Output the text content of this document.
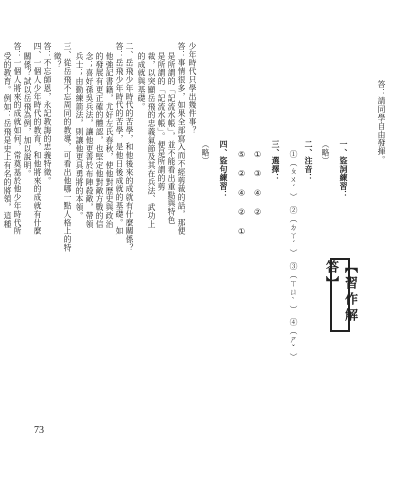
答：請同學自由發揮。
【習作解答】
一、盜詞練習：
（略）
二、注音：
①（ㄆㄨˊ）　②（ㄉㄚˊ）　③（ㄒㄩˋ）　④（ㄕˇ）
三、選擇：
① ③ ④ ②
⑤ ② ④ ② ①
四、盜句練習：
（略）
少年時代只學出幾件事？
答：事情很多，如果全部寫入而不經剪裁的話，那便
是所謂的「記流水帳」，並不能看出重點與特色
是所謂的「記流水帳」。便是所謂的剪
裁，以突顯岳飛的忠義氣節及其在兵法、武功上
的成就與基礎。
二、岳飛少年時代的苦學，和他後來的成就有什麼關係？
答：岳飛少年時代的苦學，是他日後成就的基礎。如
他強記書籍，尤好左氏春秋，使他對歷史與政治
的發展有更正確的體認，也堅定他對敵方戰的信
念；喜好孫吳兵法，讓他更善於布陣殺敵，帶領
兵士；由勤練箭法，則讓他更具勇將的本領。
三、從岳飛不忘周同的教導，可看出他哪一點人格上的特
徵？
答：不忘師恩，永記教誨的忠義特徵。
四、一個人少年時代的教育，和他將來的成就有什麼
關係？試以岳飛為例，加以說明。
答：一個人將來的成就如何，常奠基於他少年時代所
受的教育。例如：岳飛是史上有名的將領，這種
73
